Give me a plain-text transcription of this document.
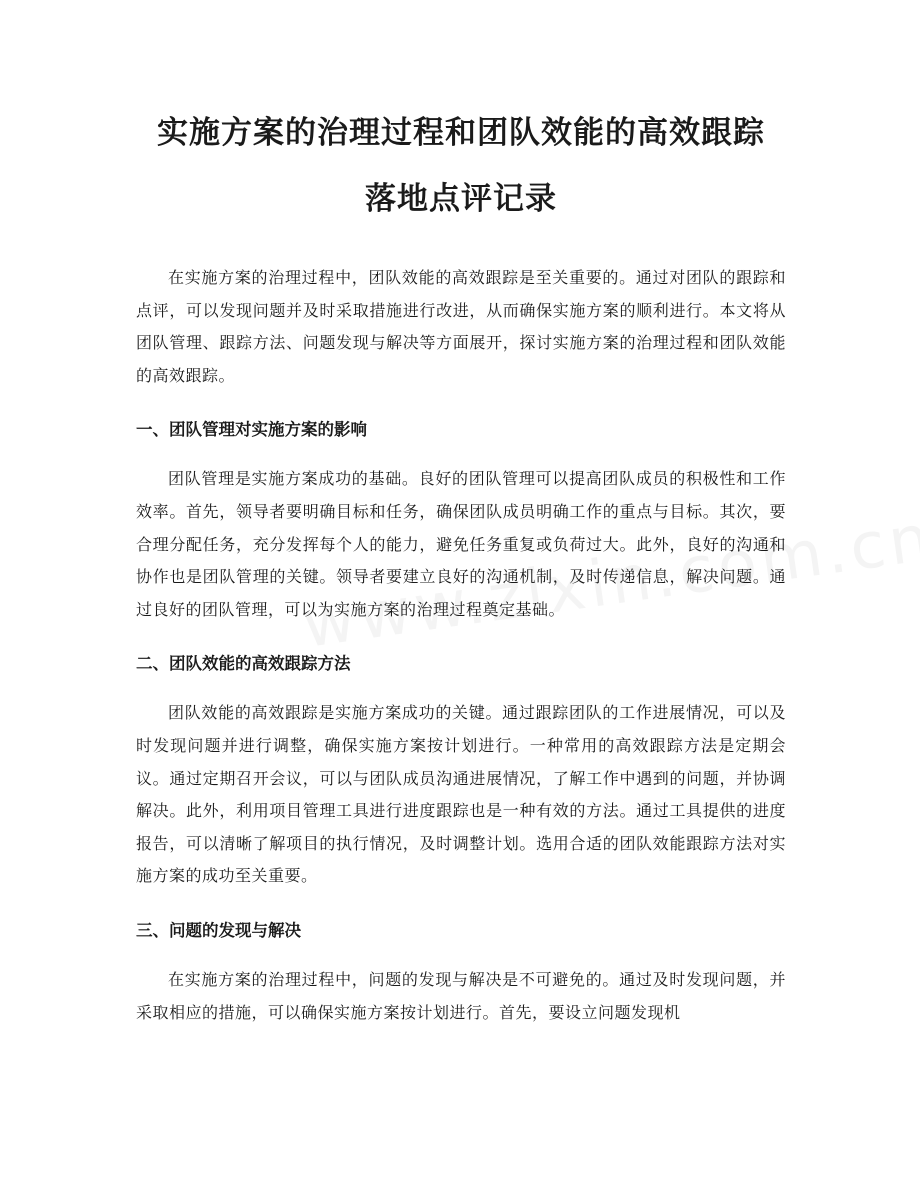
实施方案的治理过程和团队效能的高效跟踪
落地点评记录

在实施方案的治理过程中，团队效能的高效跟踪是至关重要的。通过对团队的跟踪和点评，可以发现问题并及时采取措施进行改进，从而确保实施方案的顺利进行。本文将从团队管理、跟踪方法、问题发现与解决等方面展开，探讨实施方案的治理过程和团队效能的高效跟踪。

一、团队管理对实施方案的影响

团队管理是实施方案成功的基础。良好的团队管理可以提高团队成员的积极性和工作效率。首先，领导者要明确目标和任务，确保团队成员明确工作的重点与目标。其次，要合理分配任务，充分发挥每个人的能力，避免任务重复或负荷过大。此外，良好的沟通和协作也是团队管理的关键。领导者要建立良好的沟通机制，及时传递信息，解决问题。通过良好的团队管理，可以为实施方案的治理过程奠定基础。

二、团队效能的高效跟踪方法

团队效能的高效跟踪是实施方案成功的关键。通过跟踪团队的工作进展情况，可以及时发现问题并进行调整，确保实施方案按计划进行。一种常用的高效跟踪方法是定期会议。通过定期召开会议，可以与团队成员沟通进展情况，了解工作中遇到的问题，并协调解决。此外，利用项目管理工具进行进度跟踪也是一种有效的方法。通过工具提供的进度报告，可以清晰了解项目的执行情况，及时调整计划。选用合适的团队效能跟踪方法对实施方案的成功至关重要。

三、问题的发现与解决

在实施方案的治理过程中，问题的发现与解决是不可避免的。通过及时发现问题，并采取相应的措施，可以确保实施方案按计划进行。首先，要设立问题发现机
